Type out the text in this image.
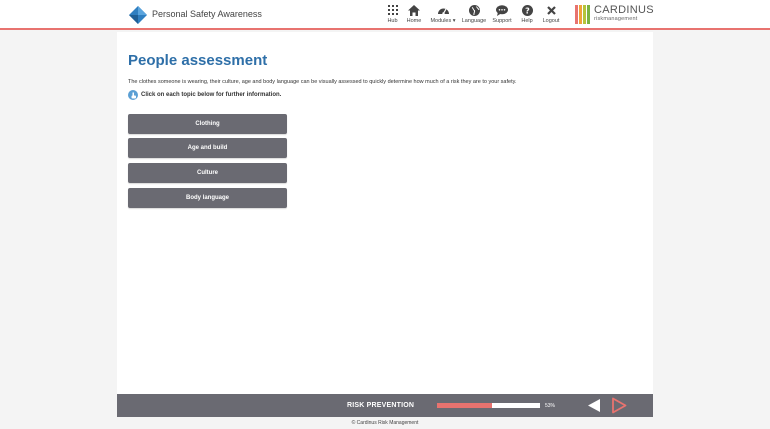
Personal Safety Awareness
Hub Home Modules ▾ Language Support
?
Help Logout
CARDINUS
riskmanagement
People assessment

The clothes someone is wearing, their culture, age and body language can be visually assessed to quickly determine how much of a risk they are to your safety.

Click on each topic below for further information.
Clothing
Age and build
Culture
Body language
RISK PREVENTION	53%
© Cardinus Risk Management
